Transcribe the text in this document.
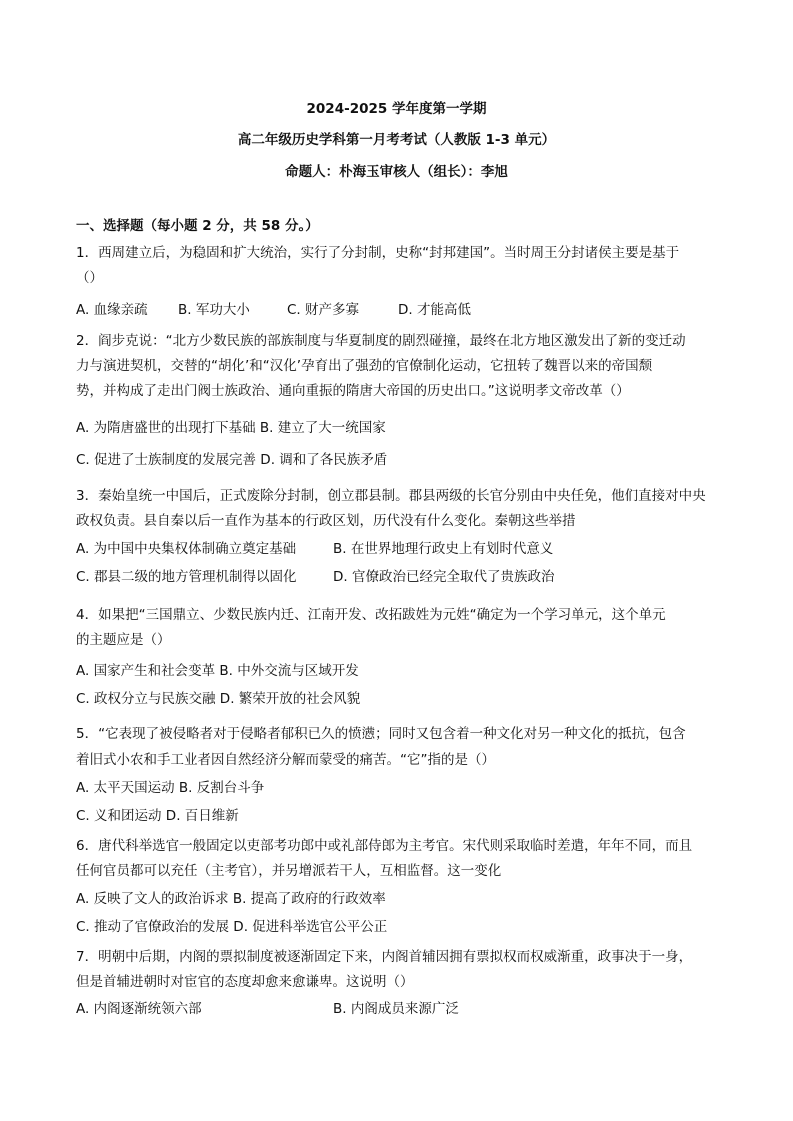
2024-2025 学年度第一学期
高二年级历史学科第一月考考试（人教版 1-3 单元）
命题人：朴海玉审核人（组长）：李旭
一、选择题（每小题 2 分，共 58 分。）
1．西周建立后，为稳固和扩大统治，实行了分封制，史称“封邦建国”。当时周王分封诸侯主要是基于
（）
A. 血缘亲疏 B. 军功大小	C. 财产多寡	D. 才能高低
2．阎步克说：“北方少数民族的部族制度与华夏制度的剧烈碰撞，最终在北方地区激发出了新的变迁动
力与演进契机，交替的“胡化’和“汉化’孕育出了强劲的官僚制化运动，它扭转了魏晋以来的帝国颓
势，并构成了走出门阀士族政治、通向重振的隋唐大帝国的历史出口。”这说明孝文帝改革（）
A. 为隋唐盛世的出现打下基础 B. 建立了大一统国家
C. 促进了士族制度的发展完善 D. 调和了各民族矛盾
3．秦始皇统一中国后，正式废除分封制，创立郡县制。郡县两级的长官分别由中央任免，他们直接对中央
政权负责。县自秦以后一直作为基本的行政区划，历代没有什么变化。秦朝这些举措
A. 为中国中央集权体制确立奠定基础	B. 在世界地理行政史上有划时代意义
C. 郡县二级的地方管理机制得以固化	D. 官僚政治已经完全取代了贵族政治
4．如果把“三国鼎立、少数民族内迁、江南开发、改拓跋姓为元姓“确定为一个学习单元，这个单元
的主题应是（）
A. 国家产生和社会变革 B. 中外交流与区域开发
C. 政权分立与民族交融 D. 繁荣开放的社会风貌
5．“它表现了被侵略者对于侵略者郁积已久的愤懑；同时又包含着一种文化对另一种文化的抵抗，包含
着旧式小农和手工业者因自然经济分解而蒙受的痛苦。“它”指的是（）
A. 太平天国运动 B. 反割台斗争
C. 义和团运动 D. 百日维新
6．唐代科举选官一般固定以吏部考功郎中或礼部侍郎为主考官。宋代则采取临时差遣，年年不同，而且
任何官员都可以充任（主考官），并另增派若干人，互相监督。这一变化
A. 反映了文人的政治诉求 B. 提高了政府的行政效率
C. 推动了官僚政治的发展 D. 促进科举选官公平公正
7．明朝中后期，内阁的票拟制度被逐渐固定下来，内阁首辅因拥有票拟权而权威渐重，政事决于一身，
但是首辅进朝时对宦官的态度却愈来愈谦卑。这说明（）
A. 内阁逐渐统领六部	B. 内阁成员来源广泛
